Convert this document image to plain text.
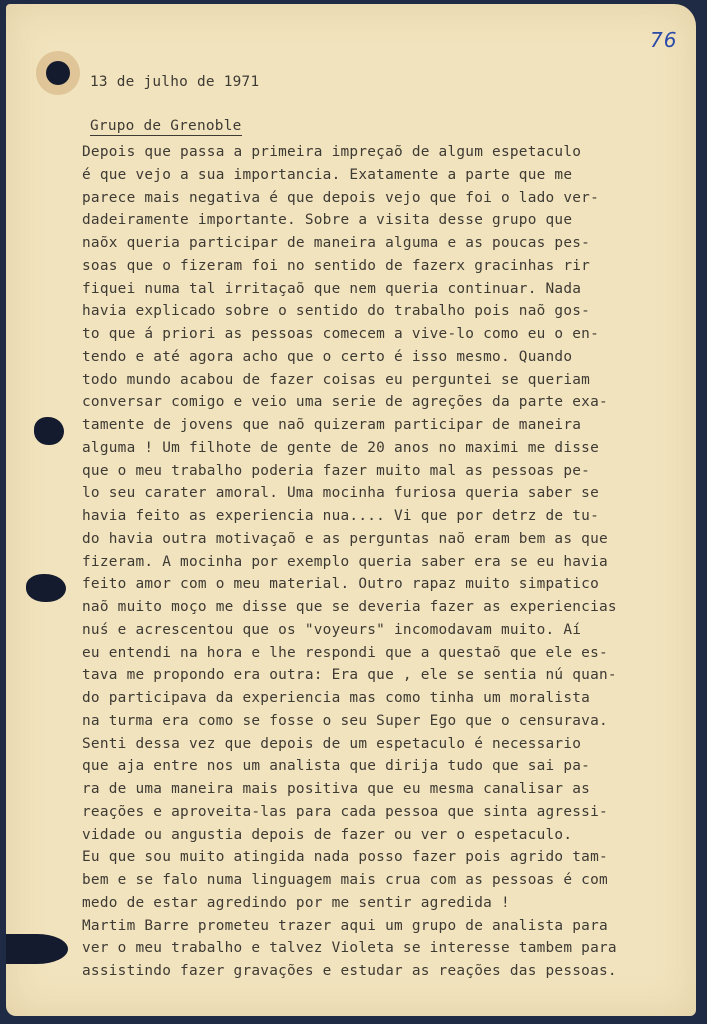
76
13 de julho de 1971
Grupo de Grenoble
Depois que passa a primeira impreçaõ de algum espetaculo
é que vejo a sua importancia. Exatamente a parte que me
parece mais negativa é que depois vejo que foi o lado ver-
dadeiramente importante. Sobre a visita desse grupo que
naõx queria participar de maneira alguma e as poucas pes-
soas que o fizeram foi no sentido de fazerx gracinhas rir
fiquei numa tal irritaçaõ que nem queria continuar. Nada
havia explicado sobre o sentido do trabalho pois naõ gos-
to que á priori as pessoas comecem a vive-lo como eu o en-
tendo e até agora acho que o certo é isso mesmo. Quando
todo mundo acabou de fazer coisas eu perguntei se queriam
conversar comigo e veio uma serie de agreções da parte exa-
tamente de jovens que naõ quizeram participar de maneira
alguma ! Um filhote de gente de 20 anos no maximi me disse
que o meu trabalho poderia fazer muito mal as pessoas pe-
lo seu carater amoral. Uma mocinha furiosa queria saber se
havia feito as experiencia nua.... Vi que por detrz de tu-
do havia outra motivaçaõ e as perguntas naõ eram bem as que
fizeram. A mocinha por exemplo queria saber era se eu havia
feito amor com o meu material. Outro rapaz muito simpatico
naõ muito moço me disse que se deveria fazer as experiencias
nuś e acrescentou que os "voyeurs" incomodavam muito. Aí
eu entendi na hora e lhe respondi que a questaõ que ele es-
tava me propondo era outra: Era que , ele se sentia nú quan-
do participava da experiencia mas como tinha um moralista
na turma era como se fosse o seu Super Ego que o censurava.
Senti dessa vez que depois de um espetaculo é necessario
que aja entre nos um analista que dirija tudo que sai pa-
ra de uma maneira mais positiva que eu mesma canalisar as
reações e aproveita-las para cada pessoa que sinta agressi-
vidade ou angustia depois de fazer ou ver o espetaculo.
Eu que sou muito atingida nada posso fazer pois agrido tam-
bem e se falo numa linguagem mais crua com as pessoas é com
medo de estar agredindo por me sentir agredida !
Martim Barre prometeu trazer aqui um grupo de analista para
ver o meu trabalho e talvez Violeta se interesse tambem para
assistindo fazer gravações e estudar as reações das pessoas.
